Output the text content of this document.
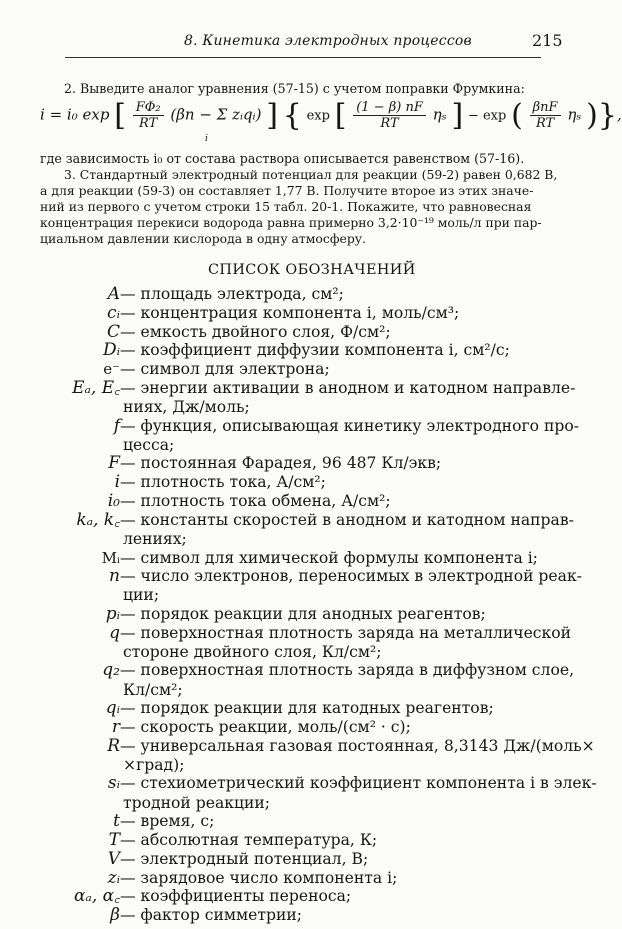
8. Кинетика электродных процессов	215
2. Выведите аналог уравнения (57-15) с учетом поправки Фрумкина:
i = i₀ exp [ $\frac{\text{FΦ₂}}{RT} (\beta n - \Sigma$ zᵢqᵢ) ] { exp [ $\frac{(1 - \beta) nF}{RT}$ ηₛ ] − exp ( βnF
RT ηₛ )},
i
где зависимость i₀ от состава раствора описывается равенством (57-16).
3. Стандартный электродный потенциал для реакции (59-2) равен 0,682 В,
а для реакции (59-3) он составляет 1,77 В. Получите второе из этих значе-
ний из первого с учетом строки 15 табл. 20-1. Покажите, что равновесная
концентрация перекиси водорода равна примерно 3,2·10⁻¹⁹ моль/л при пар-
циальном давлении кислорода в одну атмосферу.
СПИСОК ОБОЗНАЧЕНИЙ
A — площадь электрода, см²;
cᵢ — концентрация компонента i, моль/см³;
C — емкость двойного слоя, Ф/см²;
Dᵢ — коэффициент диффузии компонента i, см²/с;
e⁻ — символ для электрона;
Eₐ, E꜀ — энергии активации в анодном и катодном направле-
ниях, Дж/моль;
f — функция, описывающая кинетику электродного про-
цесса;
F — постоянная Фарадея, 96 487 Кл/экв;
i — плотность тока, А/см²;
i₀ — плотность тока обмена, А/см²;
kₐ, k꜀ — константы скоростей в анодном и катодном направ-
лениях;
Mᵢ — символ для химической формулы компонента i;
n — число электронов, переносимых в электродной реак-
ции;
pᵢ — порядок реакции для анодных реагентов;
q — поверхностная плотность заряда на металлической
стороне двойного слоя, Кл/см²;
q₂ — поверхностная плотность заряда в диффузном слое,
Кл/см²;
qᵢ — порядок реакции для катодных реагентов;
r — скорость реакции, моль/(см² · с);
R — универсальная газовая постоянная, 8,3143 Дж/(моль×
×град);
sᵢ — стехиометрический коэффициент компонента i в элек-
тродной реакции;
t — время, с;
T — абсолютная температура, К;
V — электродный потенциал, В;
zᵢ — зарядовое число компонента i;
αₐ, α꜀ — коэффициенты переноса;
β — фактор симметрии;
